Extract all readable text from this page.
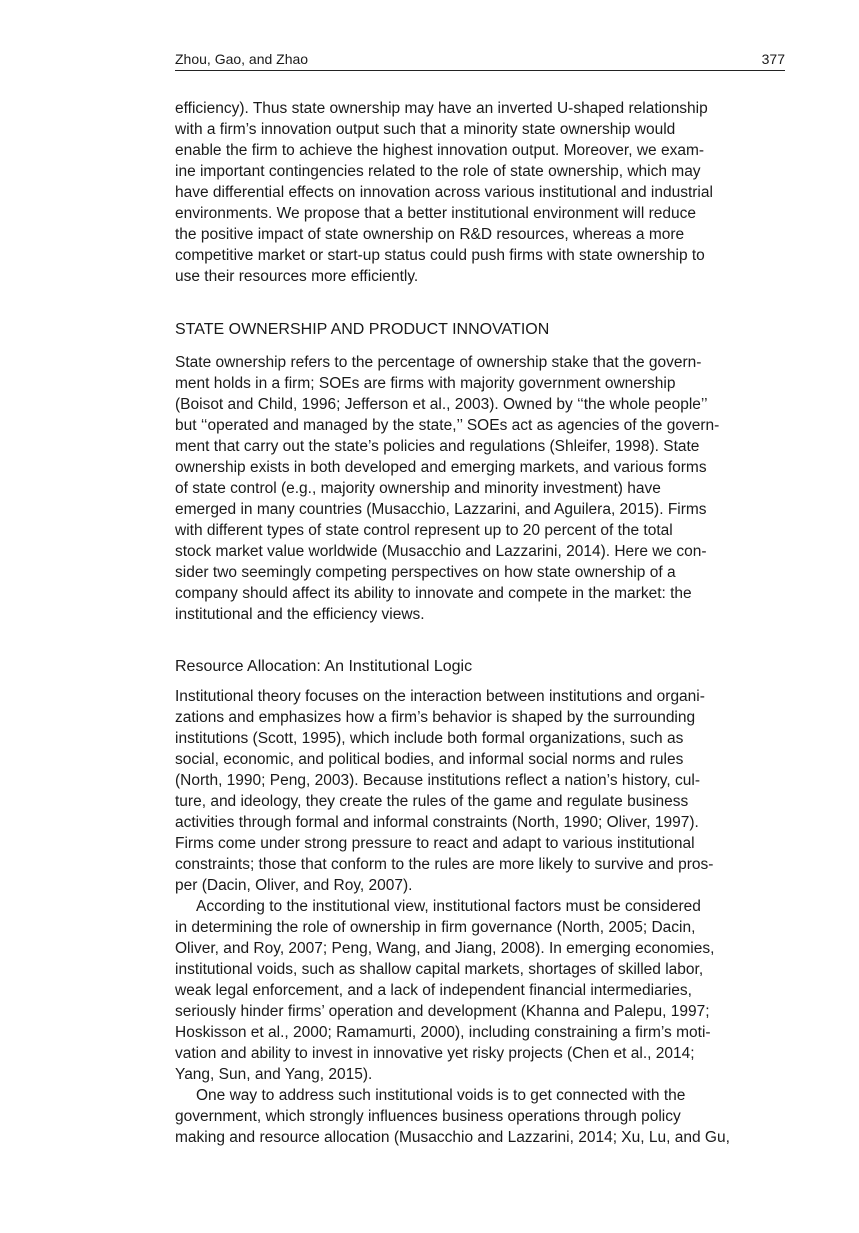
Zhou, Gao, and Zhao	377
efficiency). Thus state ownership may have an inverted U-shaped relationship
with a firm’s innovation output such that a minority state ownership would
enable the firm to achieve the highest innovation output. Moreover, we exam-
ine important contingencies related to the role of state ownership, which may
have differential effects on innovation across various institutional and industrial
environments. We propose that a better institutional environment will reduce
the positive impact of state ownership on R&D resources, whereas a more
competitive market or start-up status could push firms with state ownership to
use their resources more efficiently.
STATE OWNERSHIP AND PRODUCT INNOVATION
State ownership refers to the percentage of ownership stake that the govern-
ment holds in a firm; SOEs are firms with majority government ownership
(Boisot and Child, 1996; Jefferson et al., 2003). Owned by ‘‘the whole people’’
but ‘‘operated and managed by the state,’’ SOEs act as agencies of the govern-
ment that carry out the state’s policies and regulations (Shleifer, 1998). State
ownership exists in both developed and emerging markets, and various forms
of state control (e.g., majority ownership and minority investment) have
emerged in many countries (Musacchio, Lazzarini, and Aguilera, 2015). Firms
with different types of state control represent up to 20 percent of the total
stock market value worldwide (Musacchio and Lazzarini, 2014). Here we con-
sider two seemingly competing perspectives on how state ownership of a
company should affect its ability to innovate and compete in the market: the
institutional and the efficiency views.
Resource Allocation: An Institutional Logic
Institutional theory focuses on the interaction between institutions and organi-
zations and emphasizes how a firm’s behavior is shaped by the surrounding
institutions (Scott, 1995), which include both formal organizations, such as
social, economic, and political bodies, and informal social norms and rules
(North, 1990; Peng, 2003). Because institutions reflect a nation’s history, cul-
ture, and ideology, they create the rules of the game and regulate business
activities through formal and informal constraints (North, 1990; Oliver, 1997).
Firms come under strong pressure to react and adapt to various institutional
constraints; those that conform to the rules are more likely to survive and pros-
per (Dacin, Oliver, and Roy, 2007).
According to the institutional view, institutional factors must be considered
in determining the role of ownership in firm governance (North, 2005; Dacin,
Oliver, and Roy, 2007; Peng, Wang, and Jiang, 2008). In emerging economies,
institutional voids, such as shallow capital markets, shortages of skilled labor,
weak legal enforcement, and a lack of independent financial intermediaries,
seriously hinder firms’ operation and development (Khanna and Palepu, 1997;
Hoskisson et al., 2000; Ramamurti, 2000), including constraining a firm’s moti-
vation and ability to invest in innovative yet risky projects (Chen et al., 2014;
Yang, Sun, and Yang, 2015).
One way to address such institutional voids is to get connected with the
government, which strongly influences business operations through policy
making and resource allocation (Musacchio and Lazzarini, 2014; Xu, Lu, and Gu,
